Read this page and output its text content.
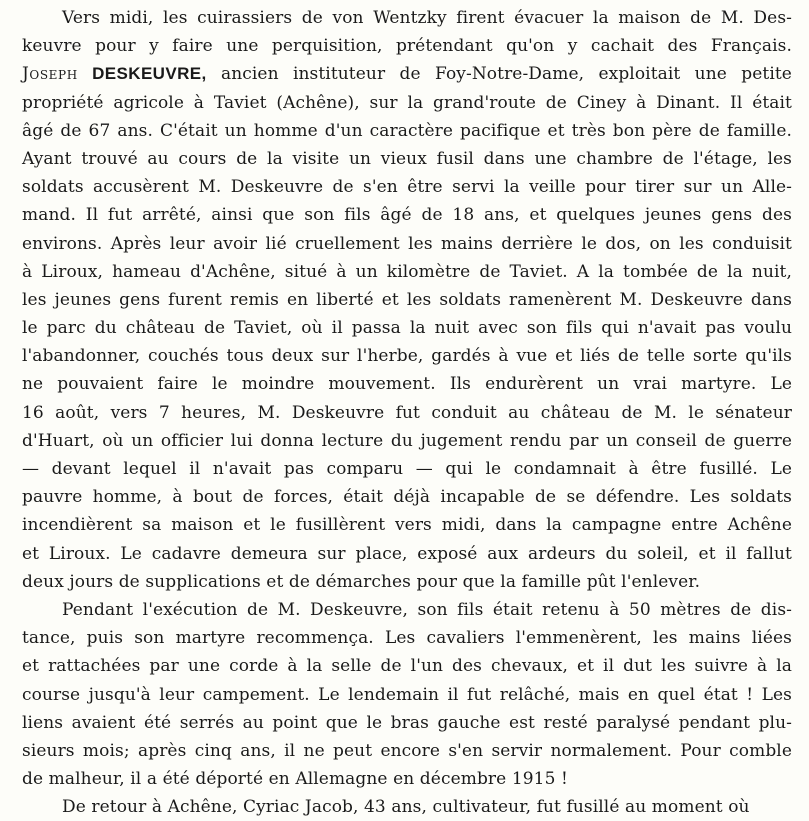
Vers midi, les cuirassiers de von Wentzky firent évacuer la maison de M. Des-
keuvre pour y faire une perquisition, prétendant qu'on y cachait des Français.
Joseph DESKEUVRE, ancien instituteur de Foy-Notre-Dame, exploitait une petite
propriété agricole à Taviet (Achêne), sur la grand'route de Ciney à Dinant. Il était
âgé de 67 ans. C'était un homme d'un caractère pacifique et très bon père de famille.
Ayant trouvé au cours de la visite un vieux fusil dans une chambre de l'étage, les
soldats accusèrent M. Deskeuvre de s'en être servi la veille pour tirer sur un Alle-
mand. Il fut arrêté, ainsi que son fils âgé de 18 ans, et quelques jeunes gens des
environs. Après leur avoir lié cruellement les mains derrière le dos, on les conduisit
à Liroux, hameau d'Achêne, situé à un kilomètre de Taviet. A la tombée de la nuit,
les jeunes gens furent remis en liberté et les soldats ramenèrent M. Deskeuvre dans
le parc du château de Taviet, où il passa la nuit avec son fils qui n'avait pas voulu
l'abandonner, couchés tous deux sur l'herbe, gardés à vue et liés de telle sorte qu'ils
ne pouvaient faire le moindre mouvement. Ils endurèrent un vrai martyre. Le
16 août, vers 7 heures, M. Deskeuvre fut conduit au château de M. le sénateur
d'Huart, où un officier lui donna lecture du jugement rendu par un conseil de guerre
— devant lequel il n'avait pas comparu — qui le condamnait à être fusillé. Le
pauvre homme, à bout de forces, était déjà incapable de se défendre. Les soldats
incendièrent sa maison et le fusillèrent vers midi, dans la campagne entre Achêne
et Liroux. Le cadavre demeura sur place, exposé aux ardeurs du soleil, et il fallut
deux jours de supplications et de démarches pour que la famille pût l'enlever.
Pendant l'exécution de M. Deskeuvre, son fils était retenu à 50 mètres de dis-
tance, puis son martyre recommença. Les cavaliers l'emmenèrent, les mains liées
et rattachées par une corde à la selle de l'un des chevaux, et il dut les suivre à la
course jusqu'à leur campement. Le lendemain il fut relâché, mais en quel état ! Les
liens avaient été serrés au point que le bras gauche est resté paralysé pendant plu-
sieurs mois; après cinq ans, il ne peut encore s'en servir normalement. Pour comble
de malheur, il a été déporté en Allemagne en décembre 1915 !
De retour à Achêne, Cyriac Jacob, 43 ans, cultivateur, fut fusillé au moment où
